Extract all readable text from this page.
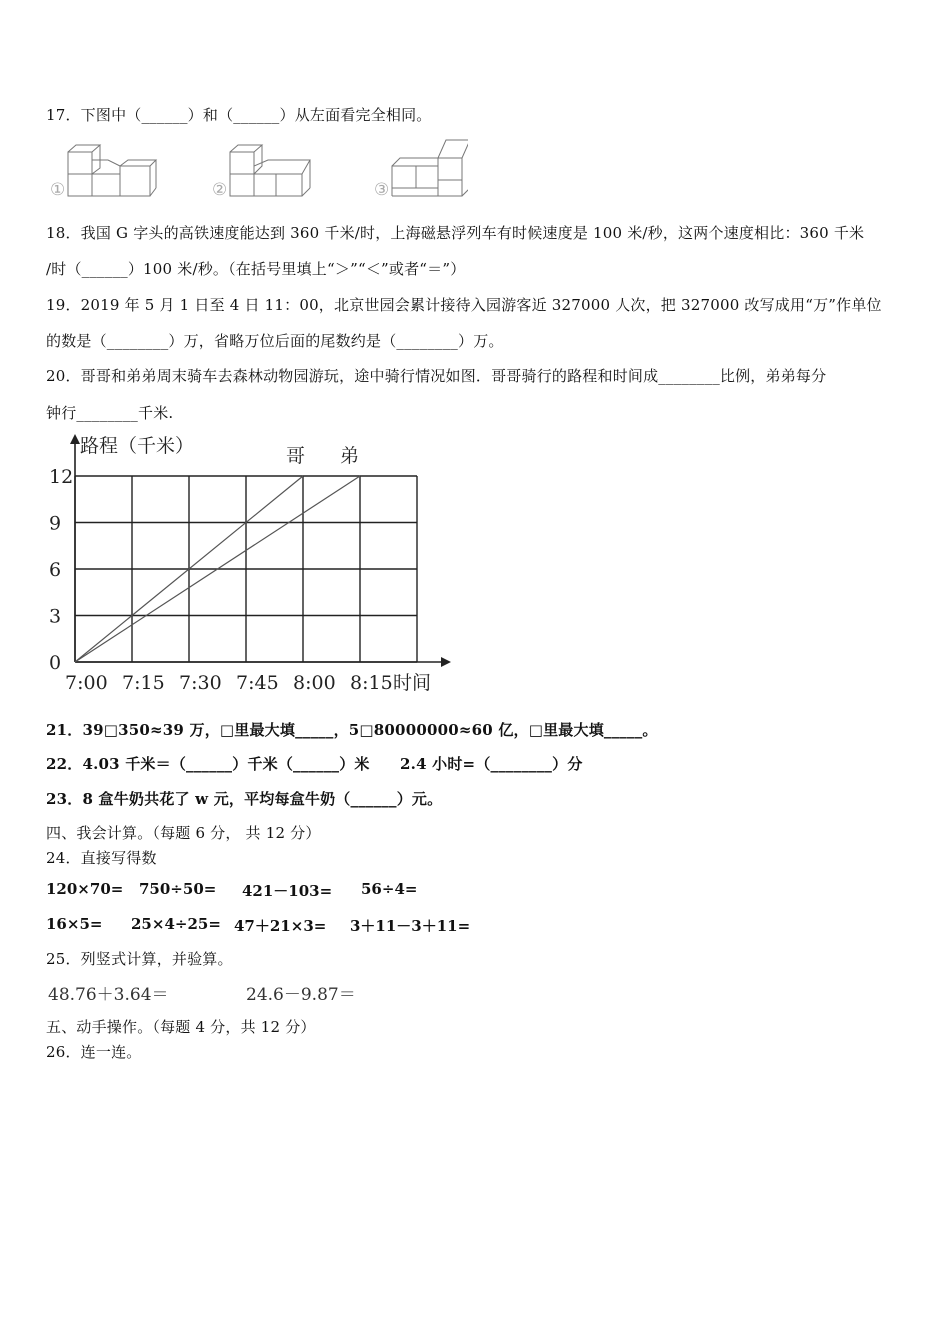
17．下图中（______）和（______）从左面看完全相同。
①	②	③
18．我国 G 字头的高铁速度能达到 360 千米/时，上海磁悬浮列车有时候速度是 100 米/秒，这两个速度相比：360 千米
/时（______）100 米/秒。（在括号里填上“＞”“＜”或者“＝”）
19．2019 年 5 月 1 日至 4 日 11：00，北京世园会累计接待入园游客近 327000 人次，把 327000 改写成用“万”作单位
的数是（________）万，省略万位后面的尾数约是（________）万。
20．哥哥和弟弟周末骑车去森林动物园游玩，途中骑行情况如图．哥哥骑行的路程和时间成________比例，弟弟每分
钟行________千米.
0
3
6
9
12
7:00 7:15 7:30 7:45 8:00 8:15
路程（千米）
时间
哥 弟
21．39□350≈39 万，□里最大填_____，5□80000000≈60 亿，□里最大填_____。
22．4.03 千米＝（______）千米（______）米　　2.4 小时=（________）分
23．8 盒牛奶共花了 w 元，平均每盒牛奶（______）元。
四、我会计算。（每题 6 分， 共 12 分）
24．直接写得数
120×70= 750÷50= 421－103= 56÷4=
16×5= 25×4÷25= 47＋21×3= 3＋11－3＋11=
25．列竖式计算，并验算。
48.76＋3.64＝	24.6－9.87＝
五、动手操作。（每题 4 分，共 12 分）
26．连一连。
